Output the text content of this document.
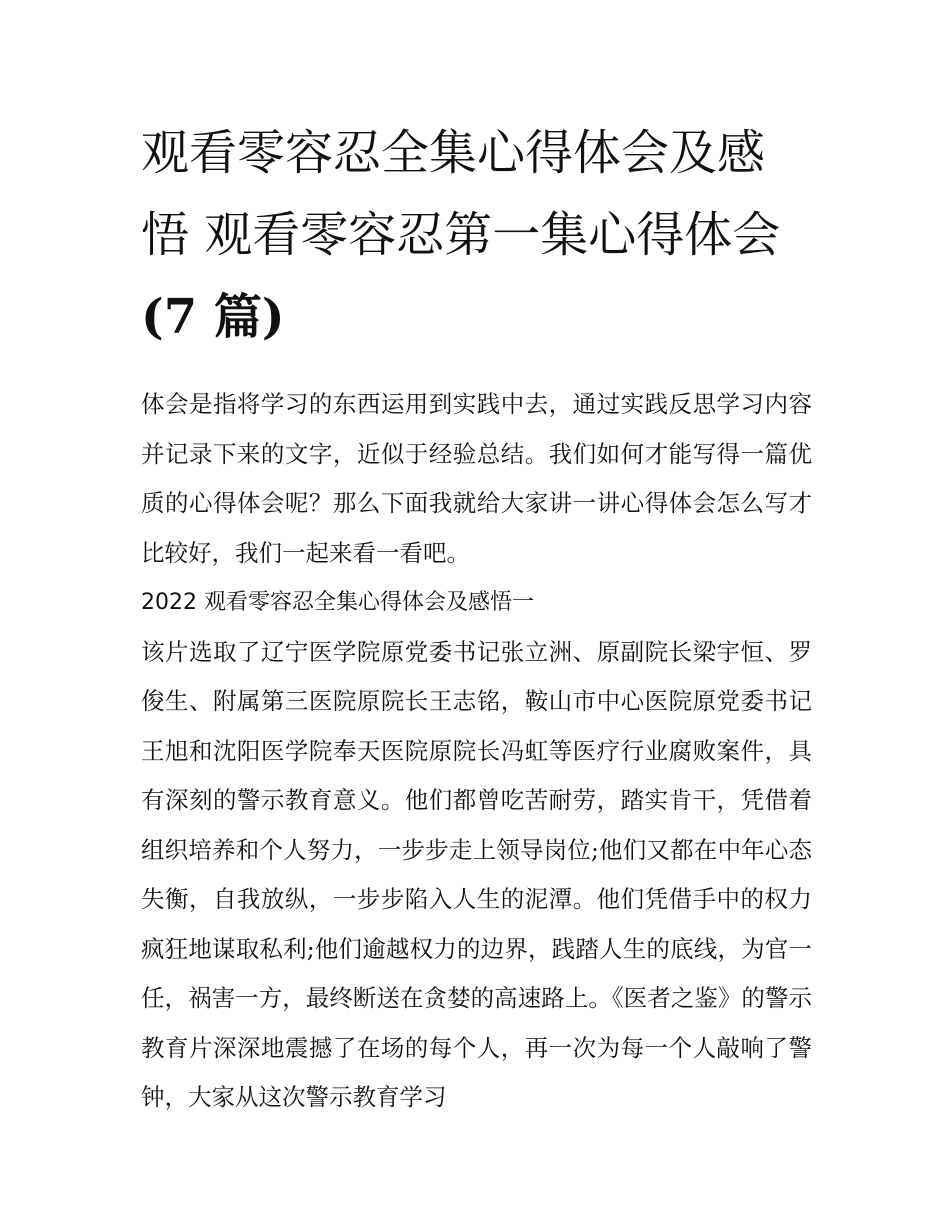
观看零容忍全集心得体会及感悟 观看零容忍第一集心得体会
(7 篇)

体会是指将学习的东西运用到实践中去，通过实践反思学习内容并记录下来的文字，近似于经验总结。我们如何才能写得一篇优质的心得体会呢？那么下面我就给大家讲一讲心得体会怎么写才比较好，我们一起来看一看吧。

2022 观看零容忍全集心得体会及感悟一

该片选取了辽宁医学院原党委书记张立洲、原副院长梁宇恒、罗俊生、附属第三医院原院长王志铭，鞍山市中心医院原党委书记王旭和沈阳医学院奉天医院原院长冯虹等医疗行业腐败案件，具有深刻的警示教育意义。他们都曾吃苦耐劳，踏实肯干，凭借着组织培养和个人努力，一步步走上领导岗位;他们又都在中年心态失衡，自我放纵，一步步陷入人生的泥潭。他们凭借手中的权力疯狂地谋取私利;他们逾越权力的边界，践踏人生的底线，为官一任，祸害一方，最终断送在贪婪的高速路上。《医者之鉴》的警示教育片深深地震撼了在场的每个人，再一次为每一个人敲响了警钟，大家从这次警示教育学习
